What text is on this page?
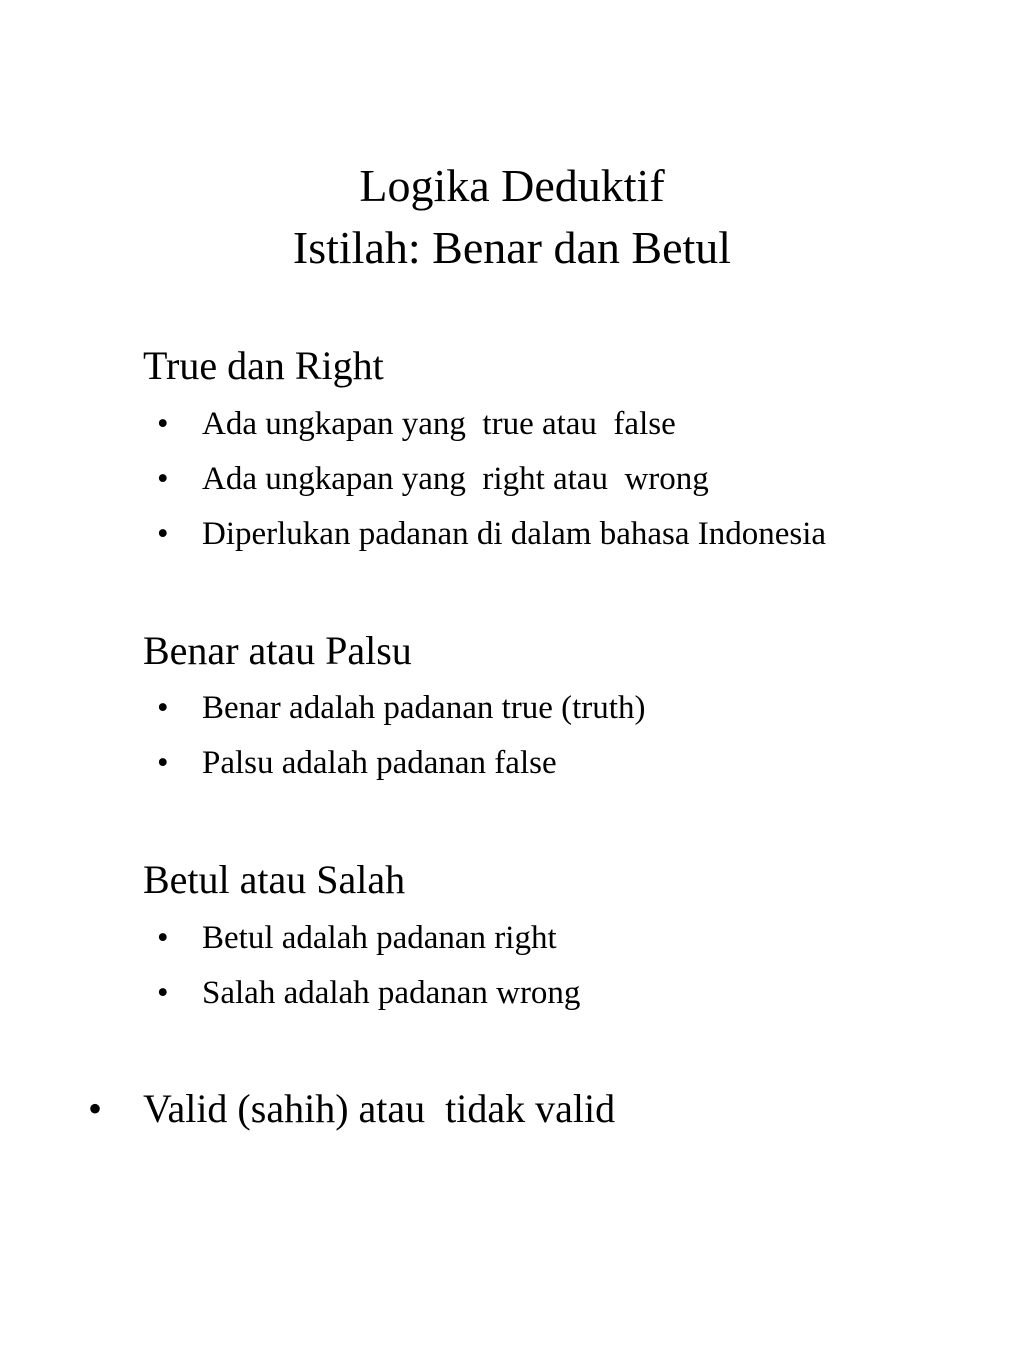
Logika Deduktif
Istilah: Benar dan Betul
True dan Right

•

Ada ungkapan yang  true atau  false

•

Ada ungkapan yang  right atau  wrong

•

Diperlukan padanan di dalam bahasa Indonesia

Benar atau Palsu

•

Benar adalah padanan true (truth)

•

Palsu adalah padanan false

Betul atau Salah

•

Betul adalah padanan right

•

Salah adalah padanan wrong

•

Valid (sahih) atau  tidak valid
